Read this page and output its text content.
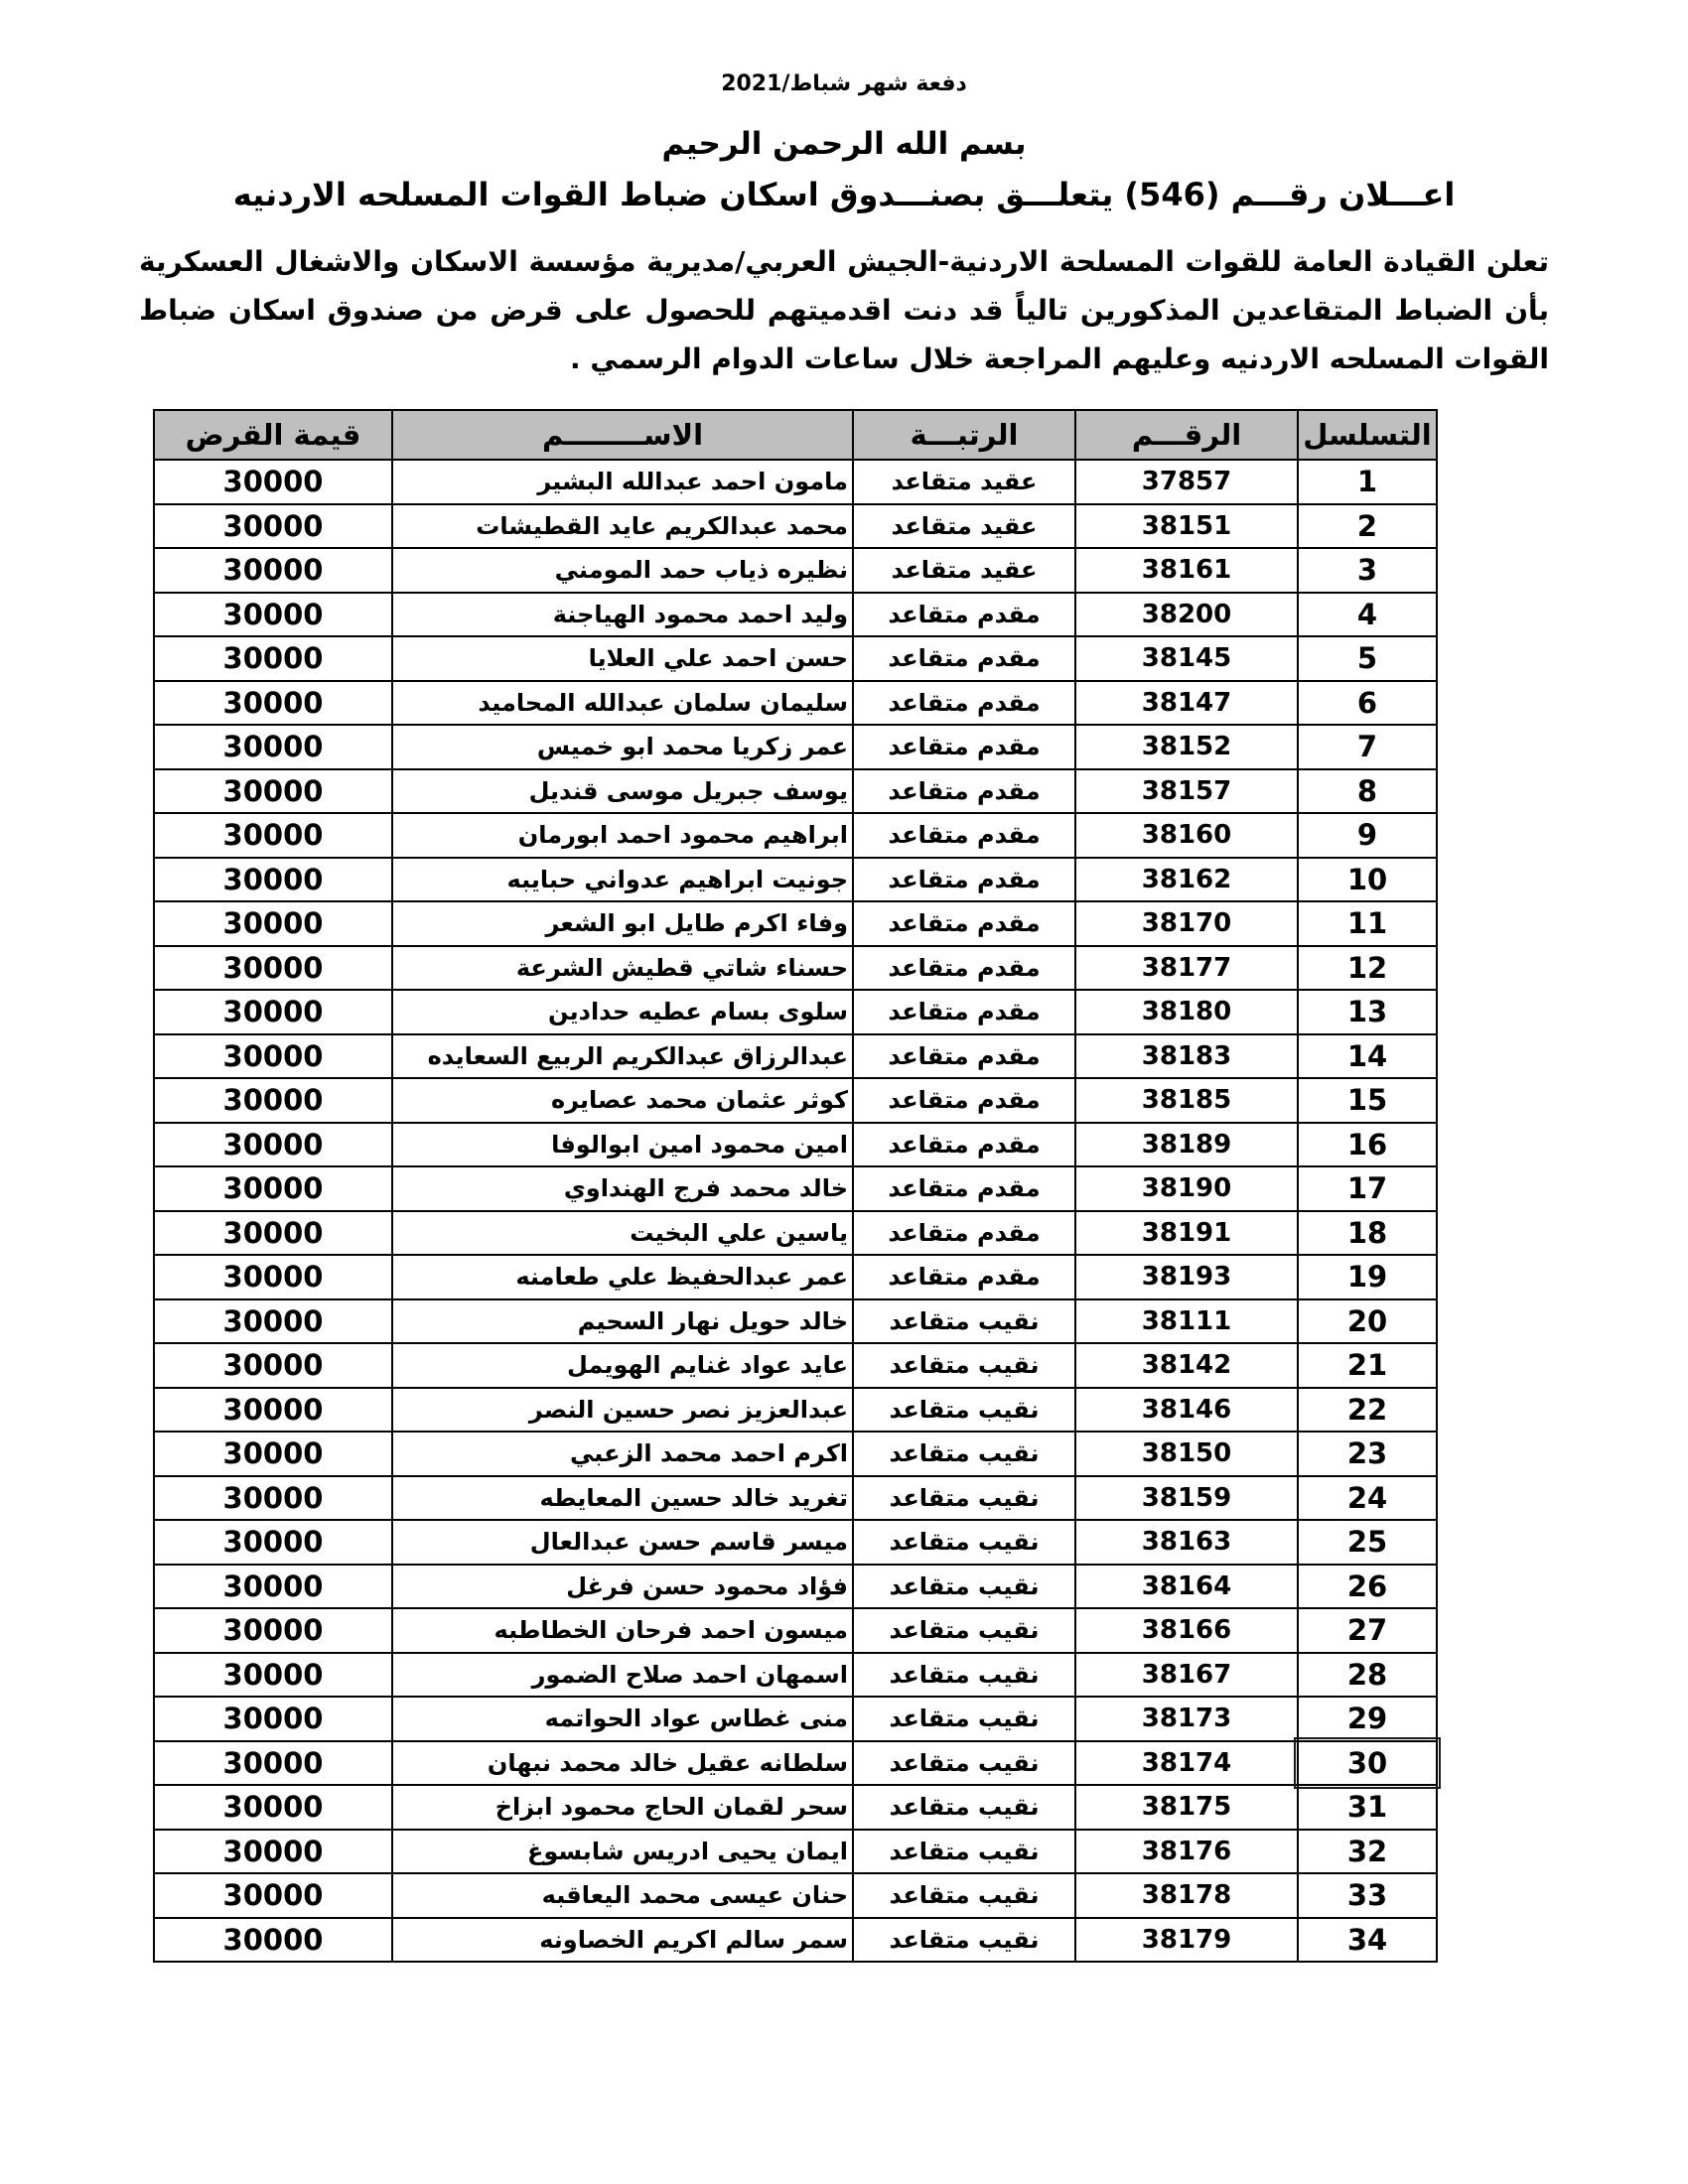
دفعة شهر شباط/2021
بسم الله الرحمن الرحيم
اعـــلان رقـــم (546) يتعلـــق بصنـــدوق اسكان ضباط القوات المسلحه الاردنيه
تعلن القيادة العامة للقوات المسلحة الاردنية-الجيش العربي/مديرية مؤسسة الاسكان والاشغال العسكرية بأن الضباط المتقاعدين المذكورين تالياً قد دنت اقدميتهم للحصول على قرض من صندوق اسكان ضباط القوات المسلحه الاردنيه وعليهم المراجعة خلال ساعات الدوام الرسمي .
التسلسل	الرقـــم	الرتبـــة	الاســــــــم	قيمة القرض
1	37857	عقيد متقاعد	مامون احمد عبدالله البشير	30000
2	38151	عقيد متقاعد	محمد عبدالكريم عايد القطيشات	30000
3	38161	عقيد متقاعد	نظيره ذياب حمد المومني	30000
4	38200	مقدم متقاعد	وليد احمد محمود الهياجنة	30000
5	38145	مقدم متقاعد	حسن احمد علي العلايا	30000
6	38147	مقدم متقاعد	سليمان سلمان عبدالله المحاميد	30000
7	38152	مقدم متقاعد	عمر زكريا محمد ابو خميس	30000
8	38157	مقدم متقاعد	يوسف جبريل موسى قنديل	30000
9	38160	مقدم متقاعد	ابراهيم محمود احمد ابورمان	30000
10	38162	مقدم متقاعد	جونيت ابراهيم عدواني حبايبه	30000
11	38170	مقدم متقاعد	وفاء اكرم طايل ابو الشعر	30000
12	38177	مقدم متقاعد	حسناء شاتي قطيش الشرعة	30000
13	38180	مقدم متقاعد	سلوى بسام عطيه حدادين	30000
14	38183	مقدم متقاعد	عبدالرزاق عبدالكريم الربيع السعايده	30000
15	38185	مقدم متقاعد	كوثر عثمان محمد عصايره	30000
16	38189	مقدم متقاعد	امين محمود امين ابوالوفا	30000
17	38190	مقدم متقاعد	خالد محمد فرج الهنداوي	30000
18	38191	مقدم متقاعد	ياسين علي البخيت	30000
19	38193	مقدم متقاعد	عمر عبدالحفيظ علي طعامنه	30000
20	38111	نقيب متقاعد	خالد حويل نهار السحيم	30000
21	38142	نقيب متقاعد	عايد عواد غنايم الهويمل	30000
22	38146	نقيب متقاعد	عبدالعزيز نصر حسين النصر	30000
23	38150	نقيب متقاعد	اكرم احمد محمد الزعبي	30000
24	38159	نقيب متقاعد	تغريد خالد حسين المعايطه	30000
25	38163	نقيب متقاعد	ميسر قاسم حسن عبدالعال	30000
26	38164	نقيب متقاعد	فؤاد محمود حسن فرغل	30000
27	38166	نقيب متقاعد	ميسون احمد فرحان الخطاطبه	30000
28	38167	نقيب متقاعد	اسمهان احمد صلاح الضمور	30000
29	38173	نقيب متقاعد	منى غطاس عواد الحواتمه	30000
30	38174	نقيب متقاعد	سلطانه عقيل خالد محمد نبهان	30000
31	38175	نقيب متقاعد	سحر لقمان الحاج محمود ابزاخ	30000
32	38176	نقيب متقاعد	ايمان يحيى ادريس شابسوغ	30000
33	38178	نقيب متقاعد	حنان عيسى محمد اليعاقبه	30000
34	38179	نقيب متقاعد	سمر سالم اكريم الخصاونه	30000
